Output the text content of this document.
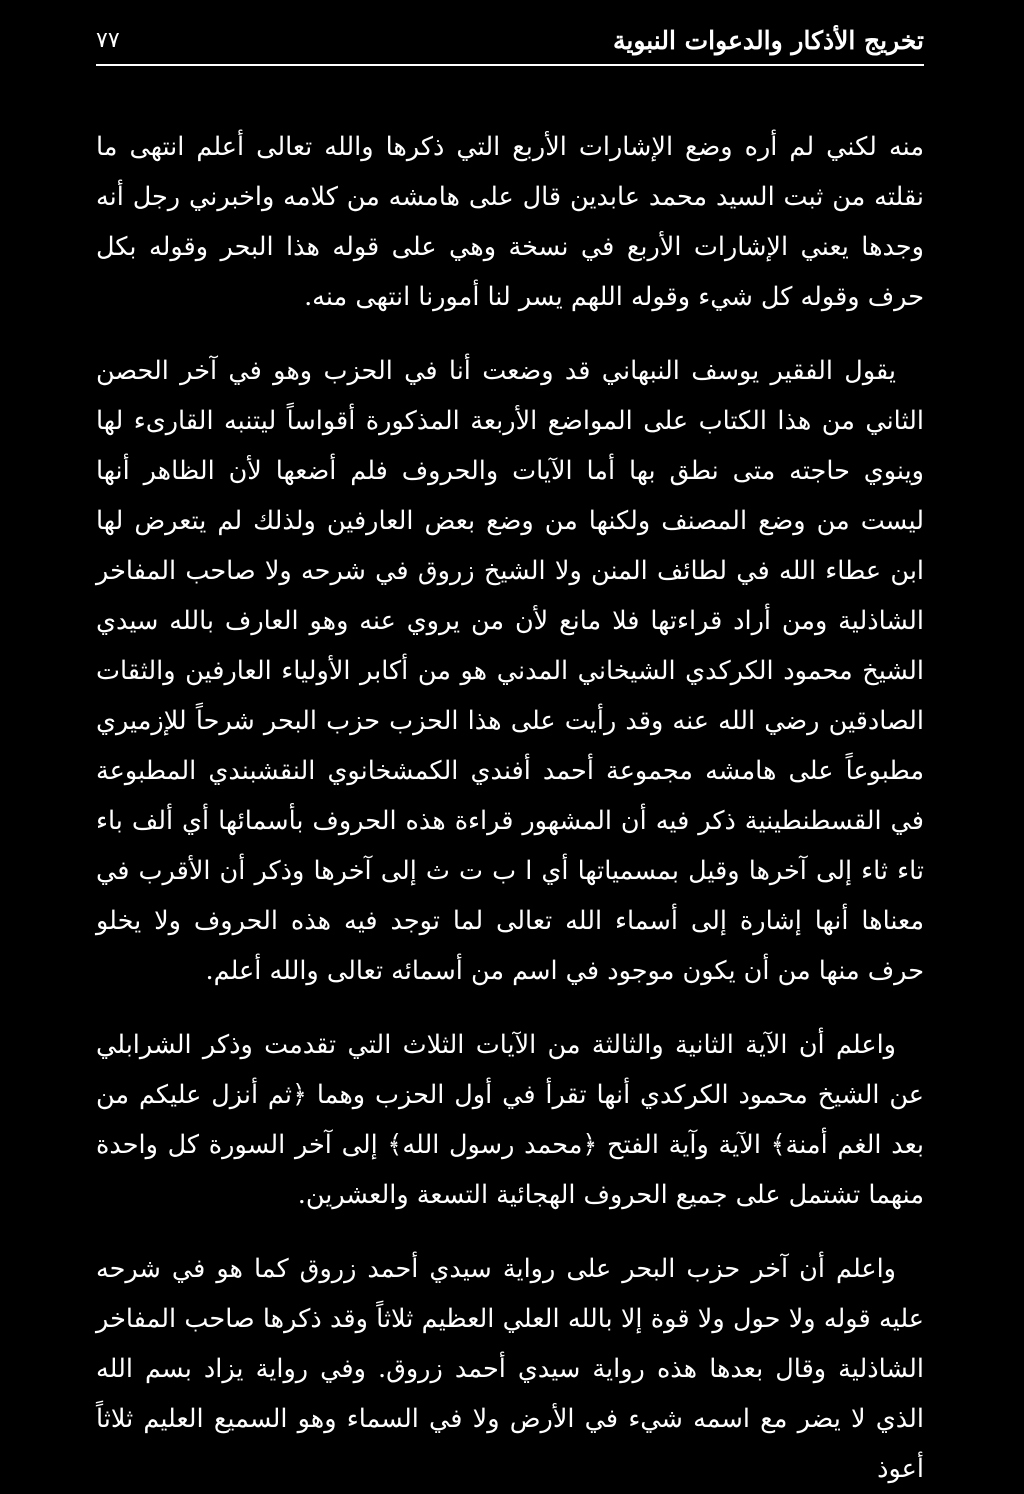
تخريج الأذكار والدعوات النبوية
٧٧

منه لكني لم أره وضع الإشارات الأربع التي ذكرها والله تعالى أعلم انتهى ما نقلته من ثبت السيد محمد عابدين قال على هامشه من كلامه واخبرني رجل أنه وجدها يعني الإشارات الأربع في نسخة وهي على قوله هذا البحر وقوله بكل حرف وقوله كل شيء وقوله اللهم يسر لنا أمورنا انتهى منه.

يقول الفقير يوسف النبهاني قد وضعت أنا في الحزب وهو في آخر الحصن الثاني من هذا الكتاب على المواضع الأربعة المذكورة أقواساً ليتنبه القارىء لها وينوي حاجته متى نطق بها أما الآيات والحروف فلم أضعها لأن الظاهر أنها ليست من وضع المصنف ولكنها من وضع بعض العارفين ولذلك لم يتعرض لها ابن عطاء الله في لطائف المنن ولا الشيخ زروق في شرحه ولا صاحب المفاخر الشاذلية ومن أراد قراءتها فلا مانع لأن من يروي عنه وهو العارف بالله سيدي الشيخ محمود الكركدي الشيخاني المدني هو من أكابر الأولياء العارفين والثقات الصادقين رضي الله عنه وقد رأيت على هذا الحزب حزب البحر شرحاً للإزميري مطبوعاً على هامشه مجموعة أحمد أفندي الكمشخانوي النقشبندي المطبوعة في القسطنطينية ذكر فيه أن المشهور قراءة هذه الحروف بأسمائها أي ألف باء تاء ثاء إلى آخرها وقيل بمسمياتها أي ا ب ت ث إلى آخرها وذكر أن الأقرب في معناها أنها إشارة إلى أسماء الله تعالى لما توجد فيه هذه الحروف ولا يخلو حرف منها من أن يكون موجود في اسم من أسمائه تعالى والله أعلم.

واعلم أن الآية الثانية والثالثة من الآيات الثلاث التي تقدمت وذكر الشرابلي عن الشيخ محمود الكركدي أنها تقرأ في أول الحزب وهما ﴿ثم أنزل عليكم من بعد الغم أمنة﴾ الآية وآية الفتح ﴿محمد رسول الله﴾ إلى آخر السورة كل واحدة منهما تشتمل على جميع الحروف الهجائية التسعة والعشرين.

واعلم أن آخر حزب البحر على رواية سيدي أحمد زروق كما هو في شرحه عليه قوله ولا حول ولا قوة إلا بالله العلي العظيم ثلاثاً وقد ذكرها صاحب المفاخر الشاذلية وقال بعدها هذه رواية سيدي أحمد زروق. وفي رواية يزاد بسم الله الذي لا يضر مع اسمه شيء في الأرض ولا في السماء وهو السميع العليم ثلاثاً أعوذ
